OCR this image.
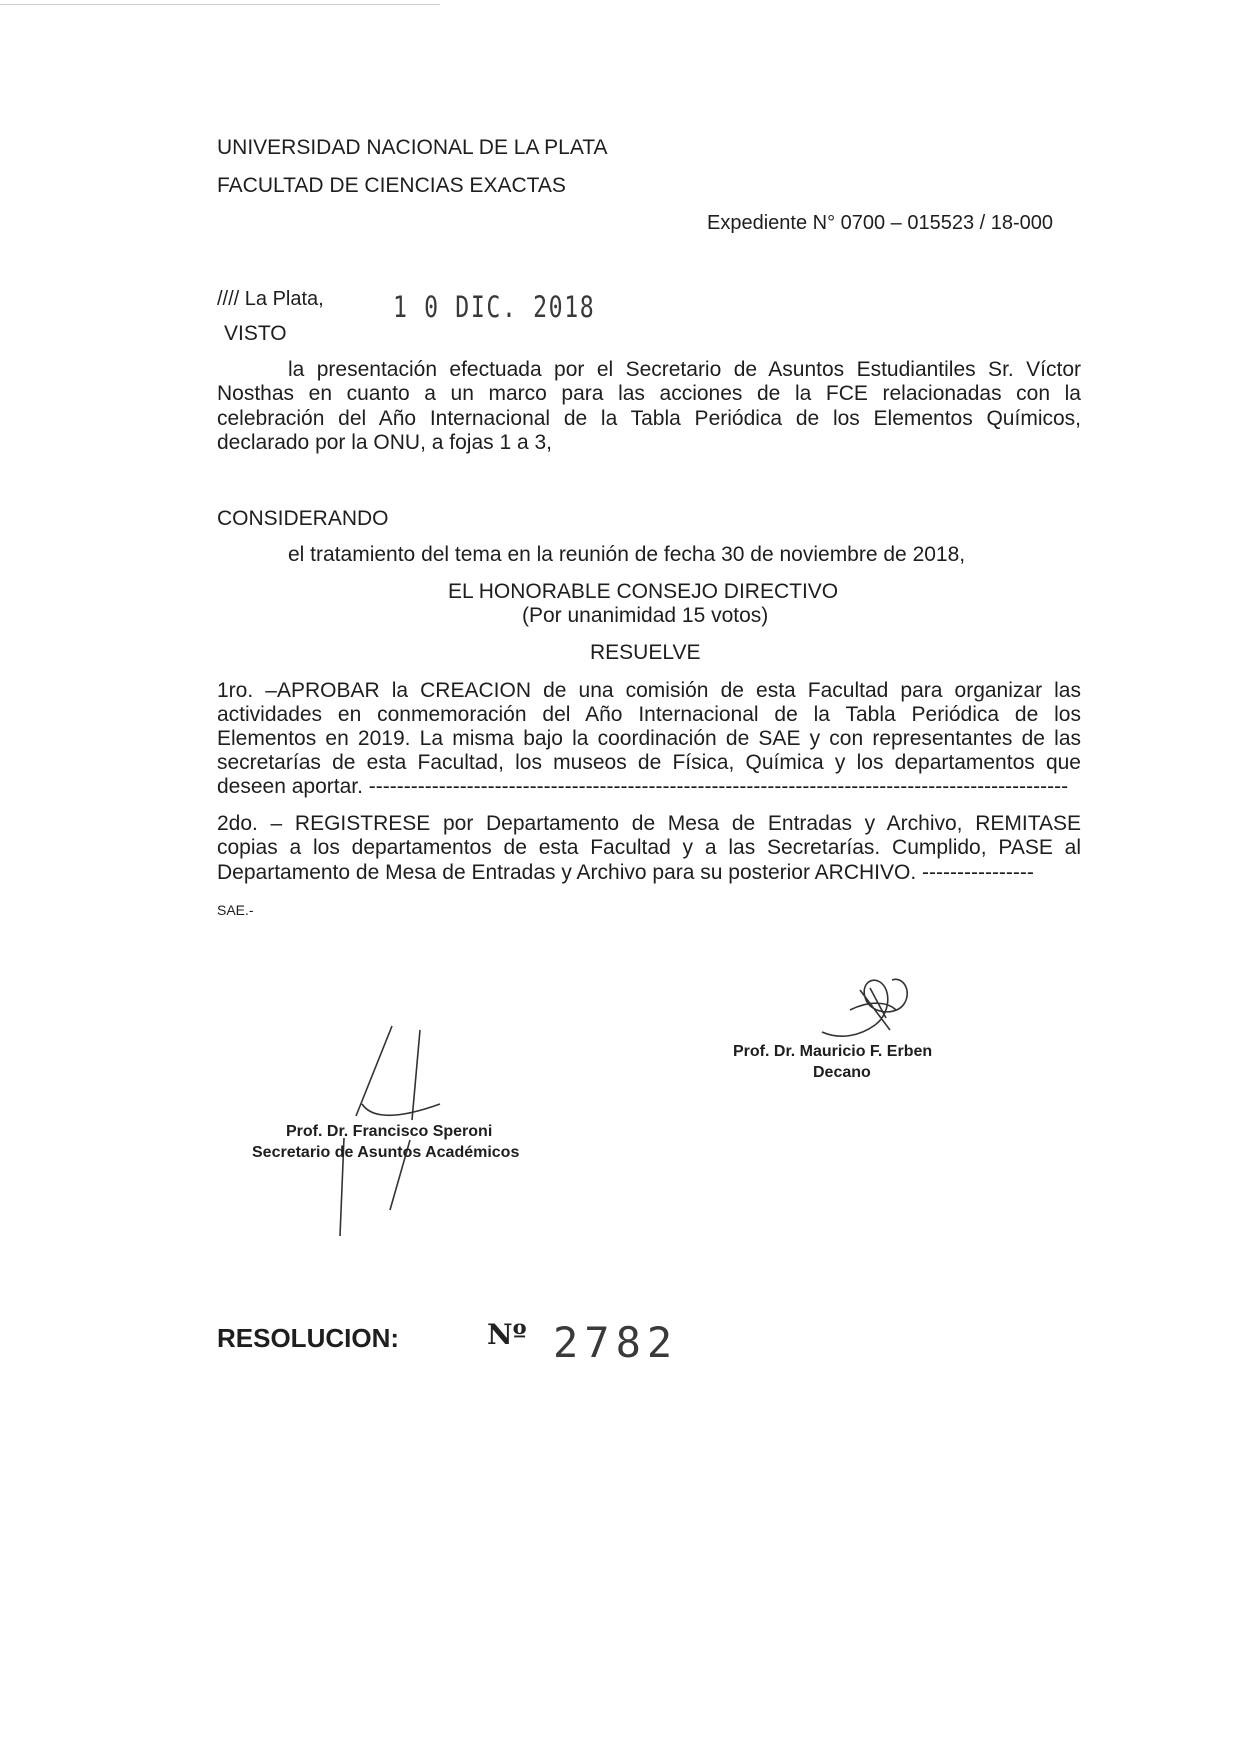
UNIVERSIDAD NACIONAL DE LA PLATA
FACULTAD DE CIENCIAS EXACTAS
Expediente N° 0700 – 015523 / 18-000
//// La Plata, 1 0 DIC. 2018
VISTO
la presentación efectuada por el Secretario de Asuntos Estudiantiles Sr. Víctor
Nosthas en cuanto a un marco para las acciones de la FCE relacionadas con la
celebración del Año Internacional de la Tabla Periódica de los Elementos Químicos,
declarado por la ONU, a fojas 1 a 3,
CONSIDERANDO
el tratamiento del tema en la reunión de fecha 30 de noviembre de 2018,
EL HONORABLE CONSEJO DIRECTIVO
(Por unanimidad 15 votos)
RESUELVE
1ro. –APROBAR la CREACION de una comisión de esta Facultad para organizar las
actividades en conmemoración del Año Internacional de la Tabla Periódica de los
Elementos en 2019. La misma bajo la coordinación de SAE y con representantes de las
secretarías de esta Facultad, los museos de Física, Química y los departamentos que
deseen aportar. ----------------------------------------------------------------------------------------------------
2do. – REGISTRESE por Departamento de Mesa de Entradas y Archivo, REMITASE
copias a los departamentos de esta Facultad y a las Secretarías. Cumplido, PASE al
Departamento de Mesa de Entradas y Archivo para su posterior ARCHIVO. ----------------
SAE.-
Prof. Dr. Mauricio F. Erben
Decano
Prof. Dr. Francisco Speroni
Secretario de Asuntos Académicos
RESOLUCION:	Nº 2782
